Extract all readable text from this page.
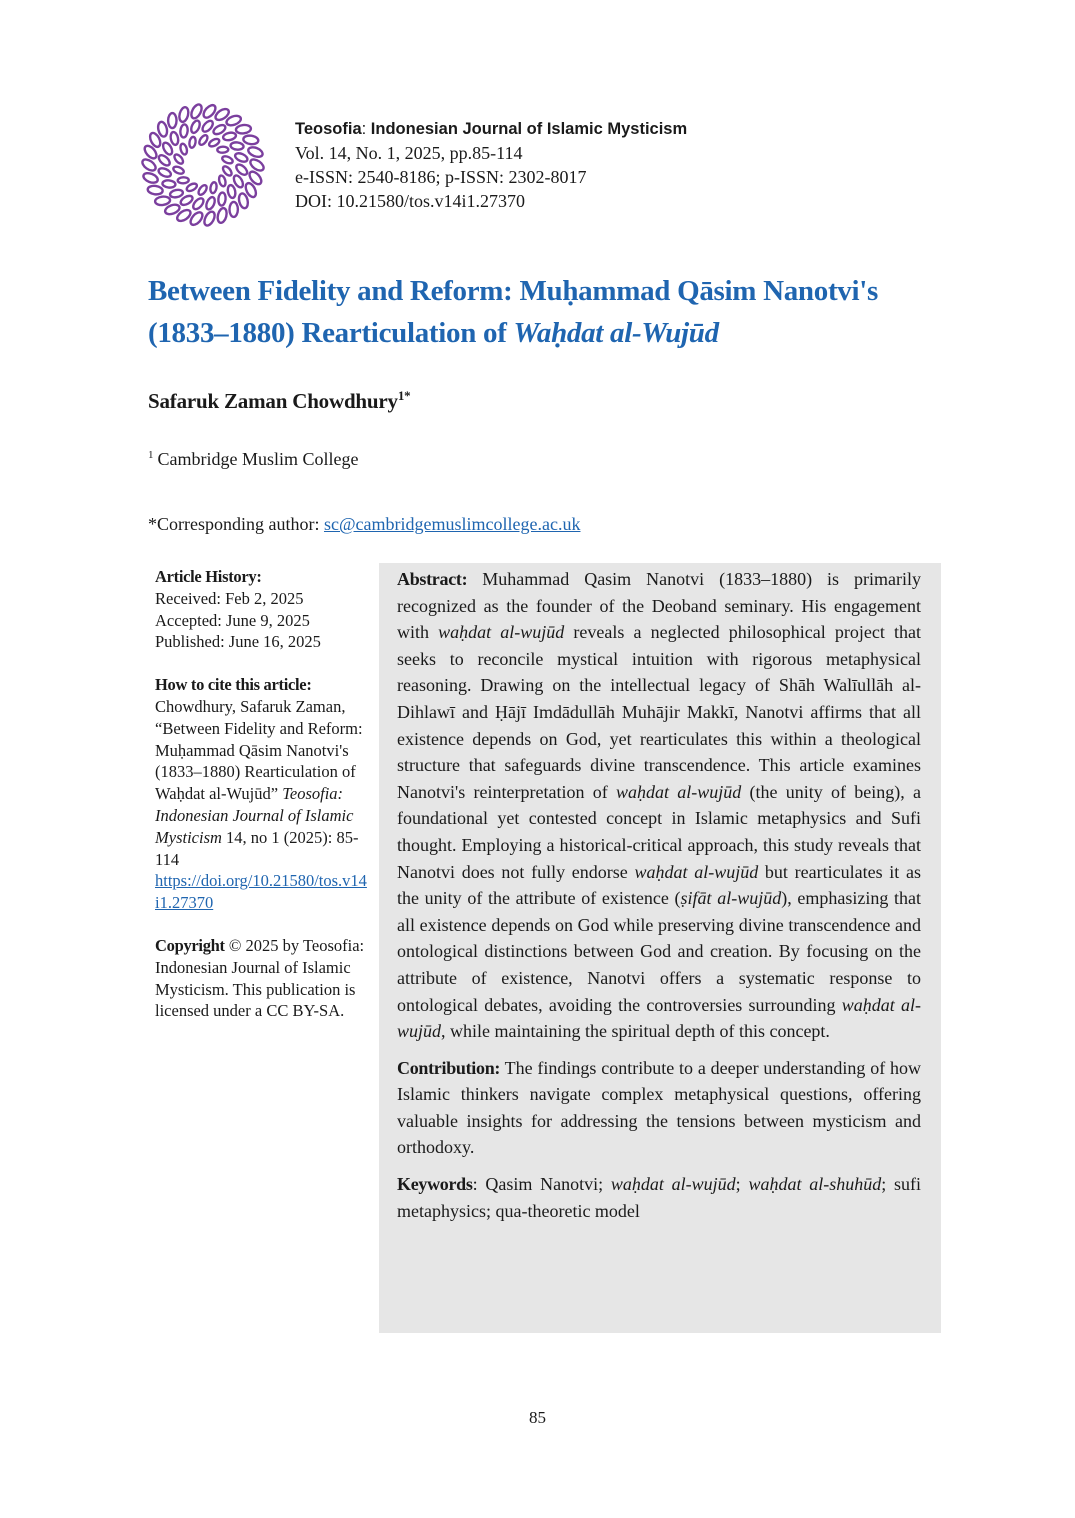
Teosofia: Indonesian Journal of Islamic Mysticism
Vol. 14, No. 1, 2025, pp.85-114
e-ISSN: 2540-8186; p-ISSN: 2302-8017
DOI: 10.21580/tos.v14i1.27370
Between Fidelity and Reform: Muḥammad Qāsim Nanotvi's (1833–1880) Rearticulation of Waḥdat al-Wujūd
Safaruk Zaman Chowdhury$^{1*}$
$^1$ Cambridge Muslim College
*Corresponding author: sc@cambridgemuslimcollege.ac.uk
Article History:
Received: Feb 2, 2025
Accepted: June 9, 2025
Published: June 16, 2025
How to cite this article:
Chowdhury, Safaruk Zaman, “Between Fidelity and Reform: Muḥammad Qāsim Nanotvi's (1833–1880) Rearticulation of Waḥdat al-Wujūd” Teosofia: Indonesian Journal of Islamic Mysticism 14, no 1 (2025): 85-114
https://doi.org/10.21580/tos.v14i1.27370
Copyright © 2025 by Teosofia: Indonesian Journal of Islamic Mysticism. This publication is licensed under a CC BY-SA.

Abstract: Muhammad Qasim Nanotvi (1833–1880) is primarily recognized as the founder of the Deoband seminary. His engagement with waḥdat al-wujūd reveals a neglected philosophical project that seeks to reconcile mystical intuition with rigorous metaphysical reasoning. Drawing on the intellectual legacy of Shāh Walīullāh al-Dihlawī and Ḥājī Imdādullāh Muhājir Makkī, Nanotvi affirms that all existence depends on God, yet rearticulates this within a theological structure that safeguards divine transcendence. This article examines Nanotvi's reinterpretation of waḥdat al-wujūd (the unity of being), a foundational yet contested concept in Islamic metaphysics and Sufi thought. Employing a historical-critical approach, this study reveals that Nanotvi does not fully endorse waḥdat al-wujūd but rearticulates it as the unity of the attribute of existence (ṣifāt al-wujūd), emphasizing that all existence depends on God while preserving divine transcendence and ontological distinctions between God and creation. By focusing on the attribute of existence, Nanotvi offers a systematic response to ontological debates, avoiding the controversies surrounding waḥdat al-wujūd, while maintaining the spiritual depth of this concept.

Contribution: The findings contribute to a deeper understanding of how Islamic thinkers navigate complex metaphysical questions, offering valuable insights for addressing the tensions between mysticism and orthodoxy.

Keywords: Qasim Nanotvi; waḥdat al-wujūd; waḥdat al-shuhūd; sufi metaphysics; qua-theoretic model

85
